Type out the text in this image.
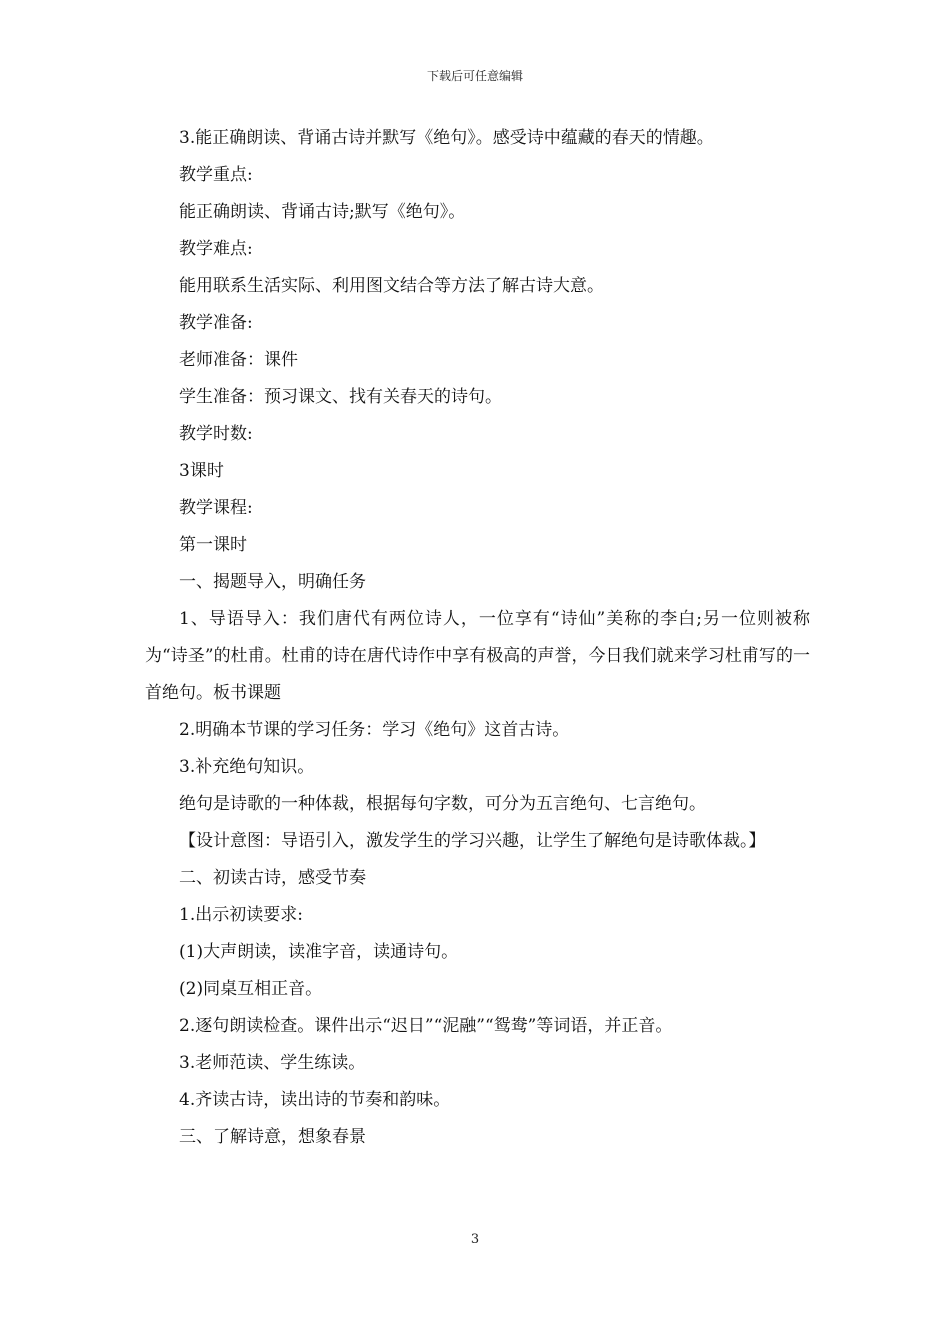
下载后可任意编辑

3.能正确朗读、背诵古诗并默写《绝句》。感受诗中蕴藏的春天的情趣。

教学重点:

能正确朗读、背诵古诗;默写《绝句》。

教学难点:

能用联系生活实际、利用图文结合等方法了解古诗大意。

教学准备:

老师准备：课件

学生准备：预习课文、找有关春天的诗句。

教学时数:

3课时

教学课程:

第一课时

一、揭题导入，明确任务

1、导语导入：我们唐代有两位诗人，一位享有“诗仙”美称的李白;另一位则被称为“诗圣”的杜甫。杜甫的诗在唐代诗作中享有极高的声誉，今日我们就来学习杜甫写的一首绝句。板书课题

2.明确本节课的学习任务：学习《绝句》这首古诗。

3.补充绝句知识。

绝句是诗歌的一种体裁，根据每句字数，可分为五言绝句、七言绝句。

【设计意图：导语引入，激发学生的学习兴趣，让学生了解绝句是诗歌体裁。】

二、初读古诗，感受节奏

1.出示初读要求:

(1)大声朗读，读准字音，读通诗句。

(2)同桌互相正音。

2.逐句朗读检查。课件出示“迟日”“泥融”“鸳鸯”等词语，并正音。

3.老师范读、学生练读。

4.齐读古诗，读出诗的节奏和韵味。

三、了解诗意，想象春景

3
